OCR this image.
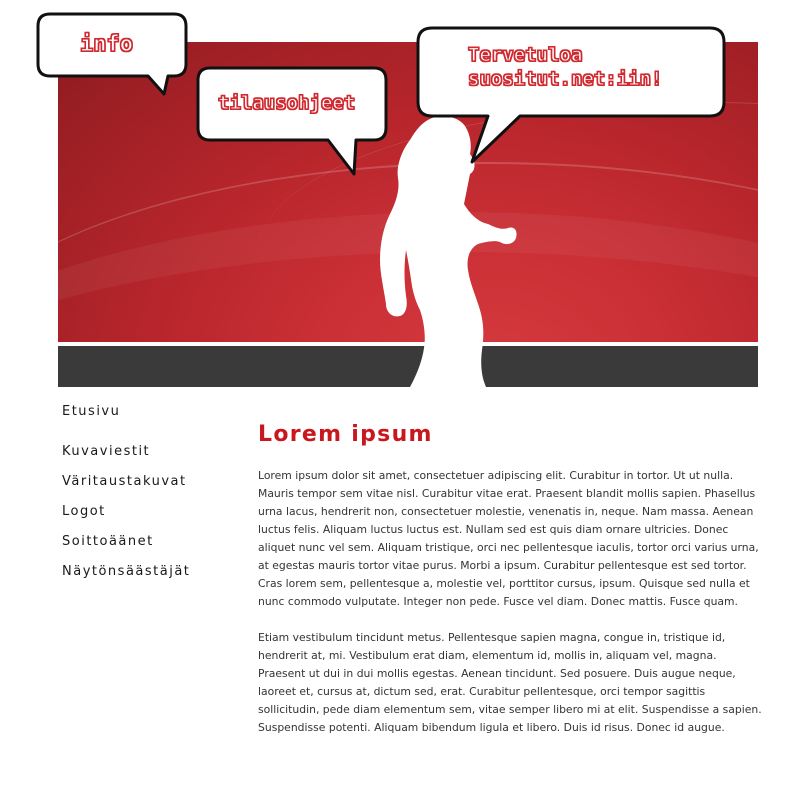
info
tilausohjeet
Tervetuloa
suositut.net:iin!
Etusivu
Kuvaviestit
Väritaustakuvat
Logot
Soittoäänet
Näytönsäästäjät
Lorem ipsum

Lorem ipsum dolor sit amet, consectetuer adipiscing elit. Curabitur in tortor. Ut ut nulla. Mauris tempor sem vitae nisl. Curabitur vitae erat. Praesent blandit mollis sapien. Phasellus urna lacus, hendrerit non, consectetuer molestie, venenatis in, neque. Nam massa. Aenean luctus felis. Aliquam luctus luctus est. Nullam sed est quis diam ornare ultricies. Donec aliquet nunc vel sem. Aliquam tristique, orci nec pellentesque iaculis, tortor orci varius urna, at egestas mauris tortor vitae purus. Morbi a ipsum. Curabitur pellentesque est sed tortor. Cras lorem sem, pellentesque a, molestie vel, porttitor cursus, ipsum. Quisque sed nulla et nunc commodo vulputate. Integer non pede. Fusce vel diam. Donec mattis. Fusce quam.

Etiam vestibulum tincidunt metus. Pellentesque sapien magna, congue in, tristique id, hendrerit at, mi. Vestibulum erat diam, elementum id, mollis in, aliquam vel, magna. Praesent ut dui in dui mollis egestas. Aenean tincidunt. Sed posuere. Duis augue neque, laoreet et, cursus at, dictum sed, erat. Curabitur pellentesque, orci tempor sagittis sollicitudin, pede diam elementum sem, vitae semper libero mi at elit. Suspendisse a sapien. Suspendisse potenti. Aliquam bibendum ligula et libero. Duis id risus. Donec id augue.
